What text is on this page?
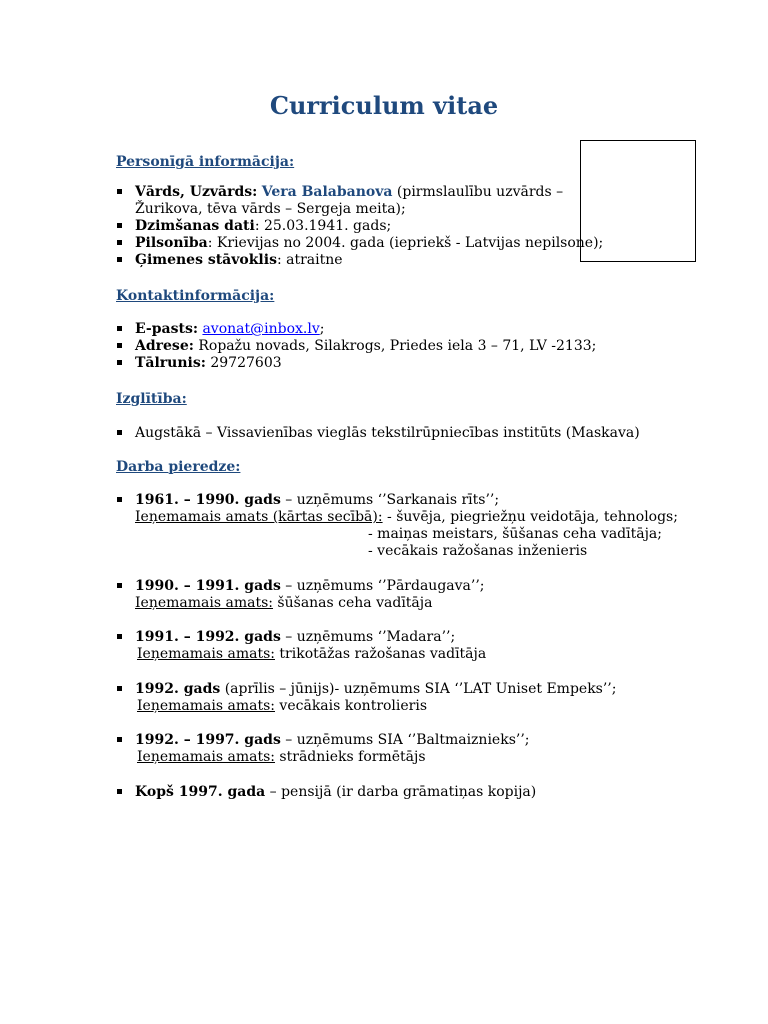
Curriculum vitae
Personīgā informācija:
Vārds, Uzvārds: Vera Balabanova (pirmslaulību uzvārds –
Žurikova, tēva vārds – Sergeja meita);
Dzimšanas dati: 25.03.1941. gads;
Pilsonība: Krievijas no 2004. gada (iepriekš - Latvijas nepilsone);
Ģimenes stāvoklis: atraitne
Kontaktinformācija:
E-pasts: avonat@inbox.lv;
Adrese: Ropažu novads, Silakrogs, Priedes iela 3 – 71, LV -2133;
Tālrunis: 29727603
Izglītība:
Augstākā – Vissavienības vieglās tekstilrūpniecības institūts (Maskava)
Darba pieredze:
1961. – 1990. gads – uzņēmums ‘’Sarkanais rīts’’;
Ieņemamais amats (kārtas secībā): - šuvēja, piegriežņu veidotāja, tehnologs;
- maiņas meistars, šūšanas ceha vadītāja;
- vecākais ražošanas inženieris
1990. – 1991. gads – uzņēmums ‘’Pārdaugava’’;
Ieņemamais amats: šūšanas ceha vadītāja
1991. – 1992. gads – uzņēmums ‘’Madara’’;
Ieņemamais amats: trikotāžas ražošanas vadītāja
1992. gads (aprīlis – jūnijs)- uzņēmums SIA ‘’LAT Uniset Empeks’’;
Ieņemamais amats: vecākais kontrolieris
1992. – 1997. gads – uzņēmums SIA ‘’Baltmaiznieks’’;
Ieņemamais amats: strādnieks formētājs
Kopš 1997. gada – pensijā (ir darba grāmatiņas kopija)
